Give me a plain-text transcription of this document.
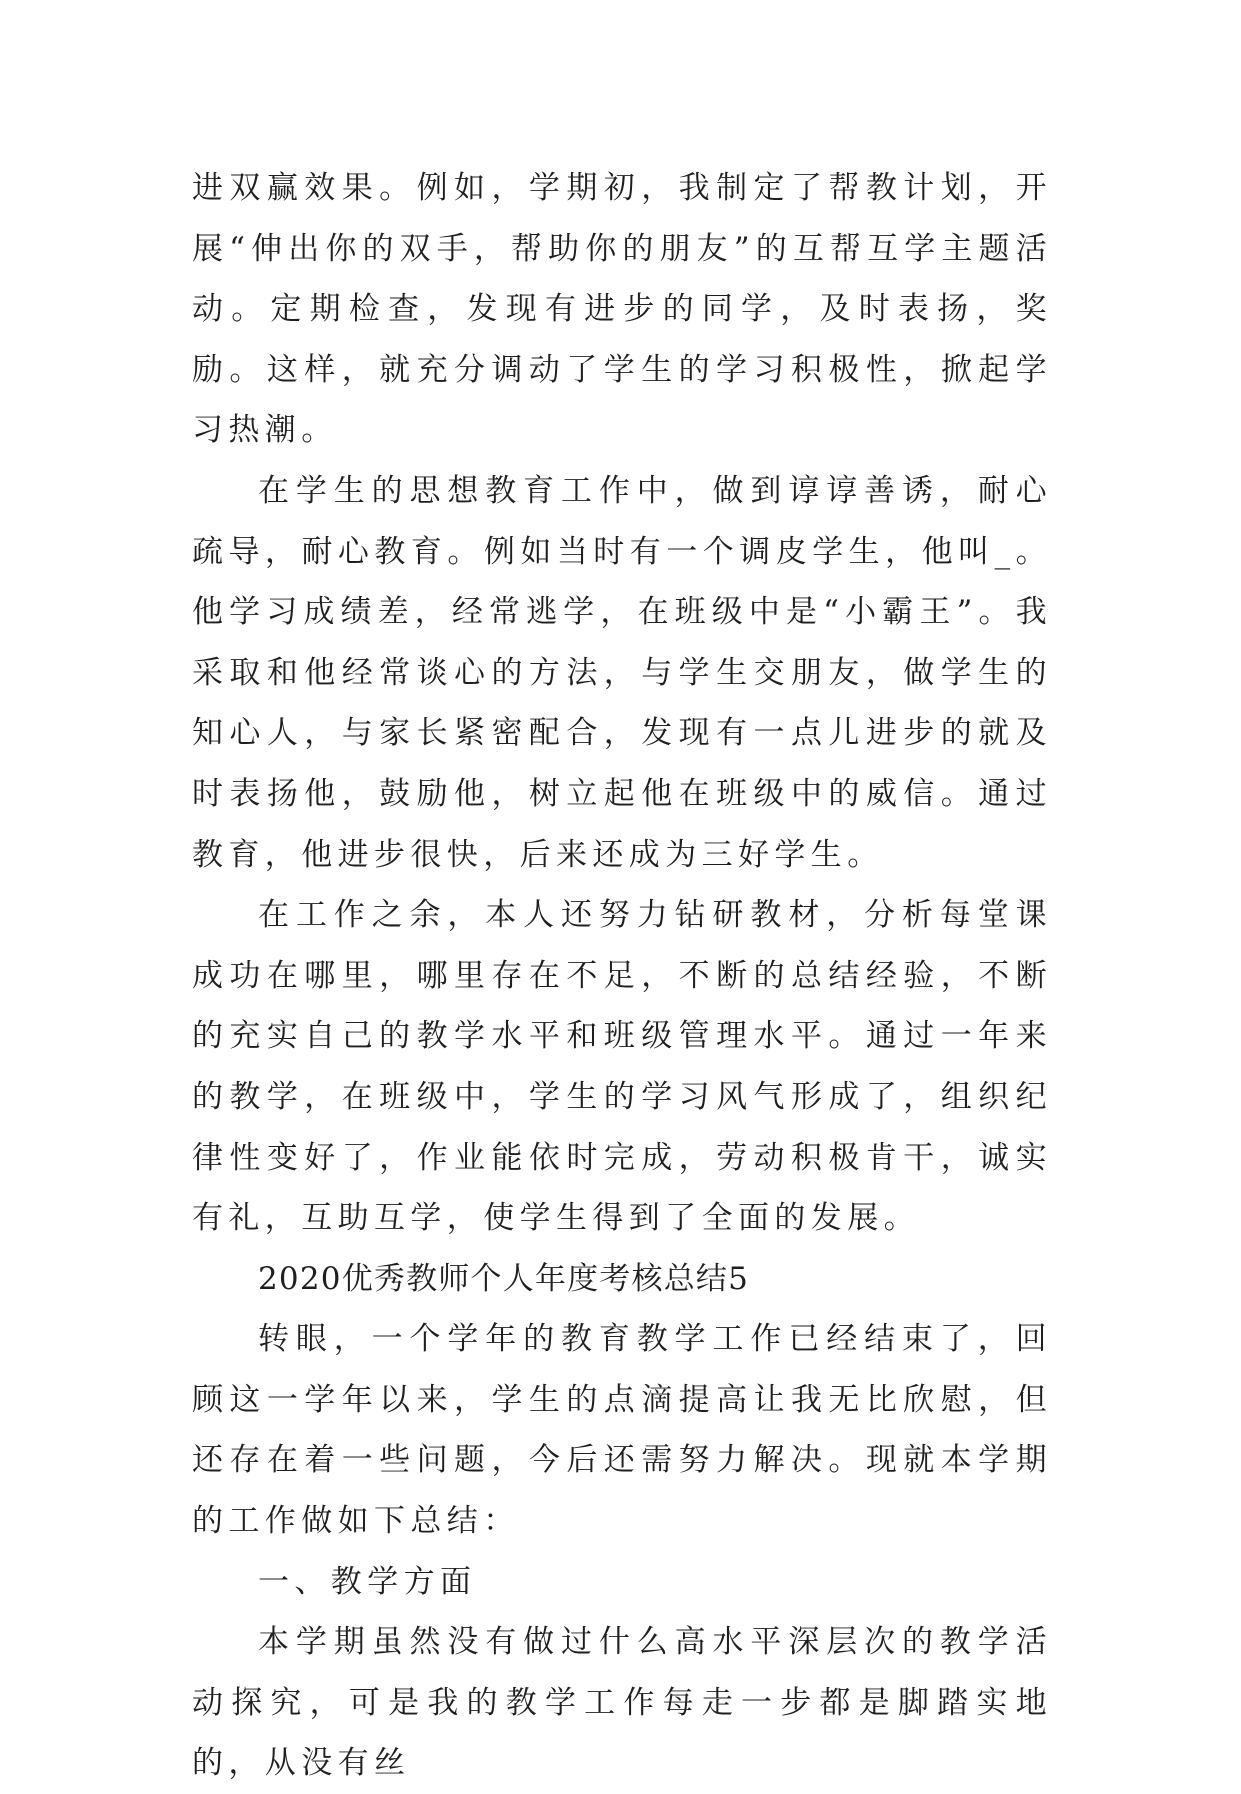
进双赢效果。例如，学期初，我制定了帮教计划，开展“伸出你的双手，帮助你的朋友”的互帮互学主题活动。定期检查，发现有进步的同学，及时表扬，奖励。这样，就充分调动了学生的学习积极性，掀起学习热潮。

在学生的思想教育工作中，做到谆谆善诱，耐心疏导，耐心教育。例如当时有一个调皮学生，他叫_。他学习成绩差，经常逃学，在班级中是“小霸王”。我采取和他经常谈心的方法，与学生交朋友，做学生的知心人，与家长紧密配合，发现有一点儿进步的就及时表扬他，鼓励他，树立起他在班级中的威信。通过教育，他进步很快，后来还成为三好学生。

在工作之余，本人还努力钻研教材，分析每堂课成功在哪里，哪里存在不足，不断的总结经验，不断的充实自己的教学水平和班级管理水平。通过一年来的教学，在班级中，学生的学习风气形成了，组织纪律性变好了，作业能依时完成，劳动积极肯干，诚实有礼，互助互学，使学生得到了全面的发展。

2020优秀教师个人年度考核总结5

转眼，一个学年的教育教学工作已经结束了，回顾这一学年以来，学生的点滴提高让我无比欣慰，但还存在着一些问题，今后还需努力解决。现就本学期的工作做如下总结：

一、教学方面

本学期虽然没有做过什么高水平深层次的教学活动探究，可是我的教学工作每走一步都是脚踏实地的，从没有丝
